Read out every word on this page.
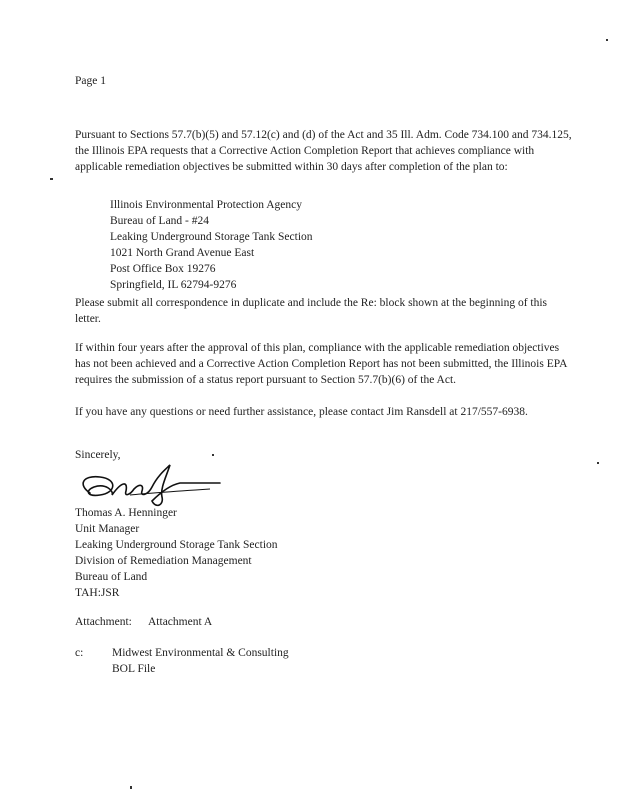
Page 1
Pursuant to Sections 57.7(b)(5) and 57.12(c) and (d) of the Act and 35 Ill. Adm. Code 734.100 and 734.125, the Illinois EPA requests that a Corrective Action Completion Report that achieves compliance with applicable remediation objectives be submitted within 30 days after completion of the plan to:
Illinois Environmental Protection Agency
Bureau of Land - #24
Leaking Underground Storage Tank Section
1021 North Grand Avenue East
Post Office Box 19276
Springfield, IL 62794-9276
Please submit all correspondence in duplicate and include the Re: block shown at the beginning of this letter.
If within four years after the approval of this plan, compliance with the applicable remediation objectives has not been achieved and a Corrective Action Completion Report has not been submitted, the Illinois EPA requires the submission of a status report pursuant to Section 57.7(b)(6) of the Act.
If you have any questions or need further assistance, please contact Jim Ransdell at 217/557-6938.
Sincerely,
Thomas A. Henninger
Unit Manager
Leaking Underground Storage Tank Section
Division of Remediation Management
Bureau of Land
TAH:JSR
Attachment: Attachment A
c: Midwest Environmental & Consulting
BOL File
